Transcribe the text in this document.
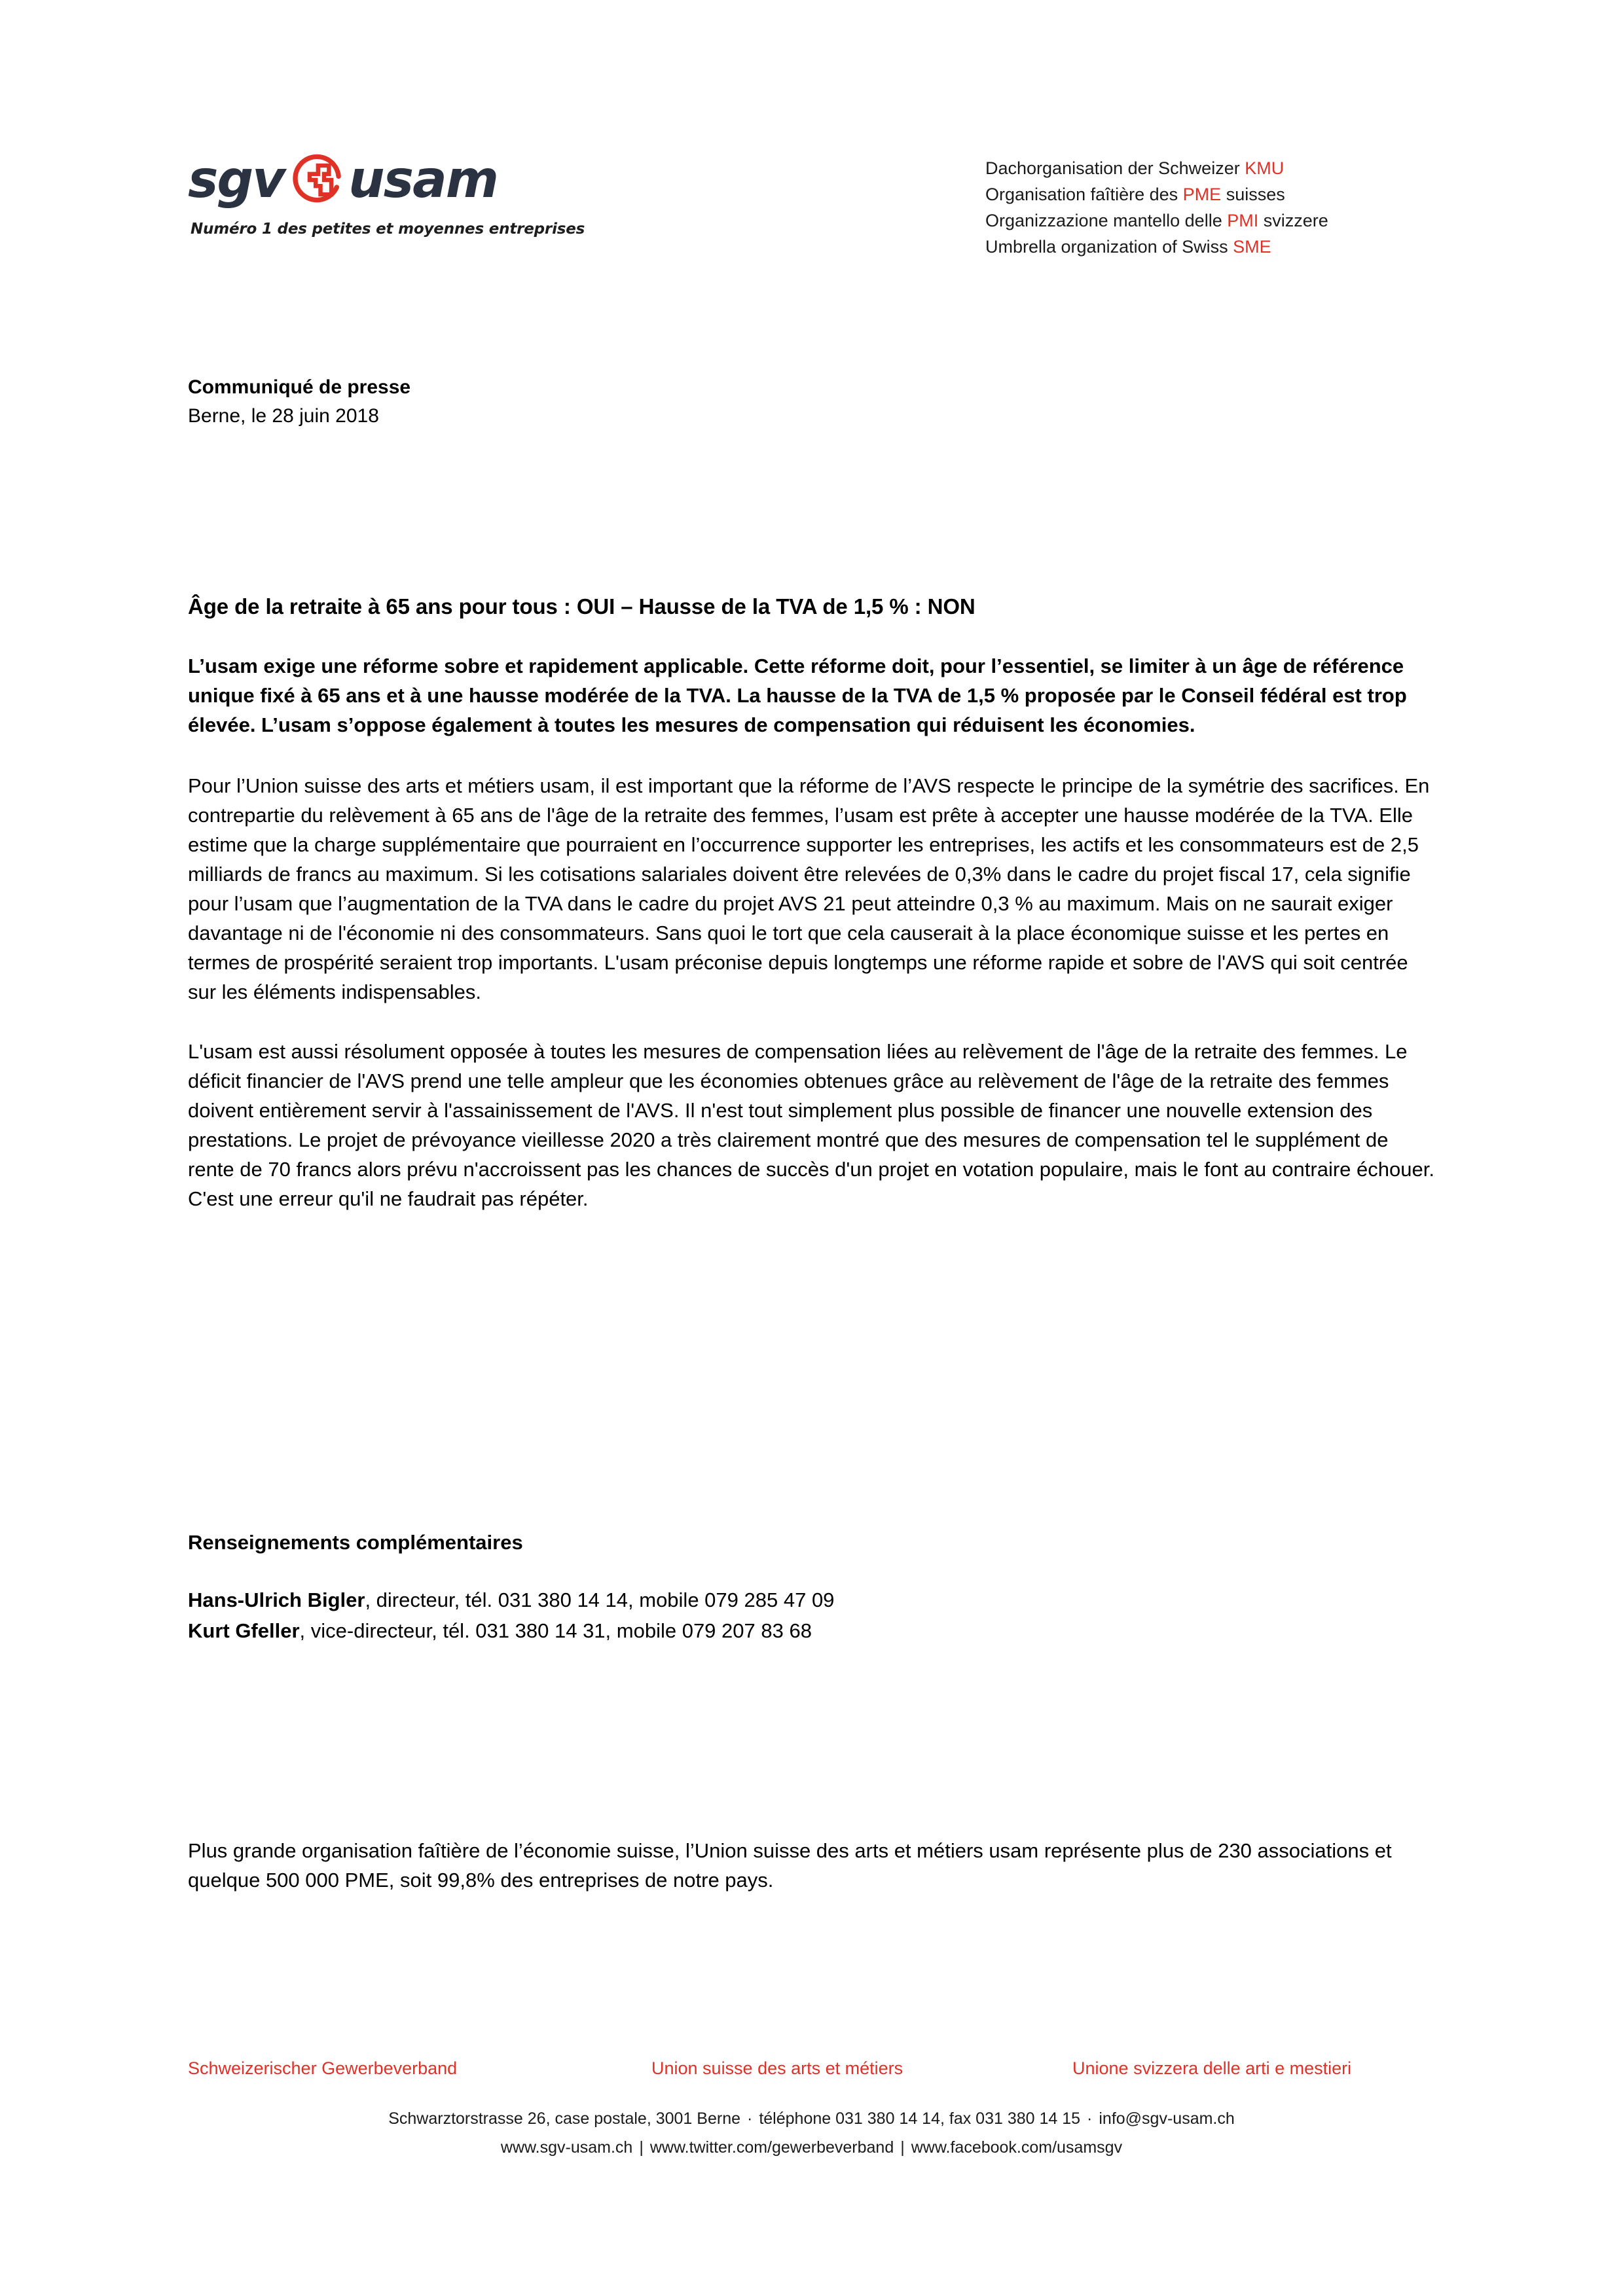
sgv usam
Numéro 1 des petites et moyennes entreprises
Dachorganisation der Schweizer KMU
Organisation faîtière des PME suisses
Organizzazione mantello delle PMI svizzere
Umbrella organization of Swiss SME
Communiqué de presse
Berne, le 28 juin 2018
Âge de la retraite à 65 ans pour tous : OUI – Hausse de la TVA de 1,5 % : NON

L’usam exige une réforme sobre et rapidement applicable. Cette réforme doit, pour l’essentiel, se limiter à un âge de référence unique fixé à 65 ans et à une hausse modérée de la TVA. La hausse de la TVA de 1,5 % proposée par le Conseil fédéral est trop élevée. L’usam s’oppose également à toutes les mesures de compensation qui réduisent les économies.

Pour l’Union suisse des arts et métiers usam, il est important que la réforme de l’AVS respecte le principe de la symétrie des sacrifices. En contrepartie du relèvement à 65 ans de l'âge de la retraite des femmes, l’usam est prête à accepter une hausse modérée de la TVA. Elle estime que la charge supplémentaire que pourraient en l’occurrence supporter les entreprises, les actifs et les consommateurs est de 2,5 milliards de francs au maximum. Si les cotisations salariales doivent être relevées de 0,3% dans le cadre du projet fiscal 17, cela signifie pour l’usam que l’augmentation de la TVA dans le cadre du projet AVS 21 peut atteindre 0,3 % au maximum. Mais on ne saurait exiger davantage ni de l'économie ni des consommateurs. Sans quoi le tort que cela causerait à la place économique suisse et les pertes en termes de prospérité seraient trop importants. L'usam préconise depuis longtemps une réforme rapide et sobre de l'AVS qui soit centrée sur les éléments indispensables.

L'usam est aussi résolument opposée à toutes les mesures de compensation liées au relèvement de l'âge de la retraite des femmes. Le déficit financier de l'AVS prend une telle ampleur que les économies obtenues grâce au relèvement de l'âge de la retraite des femmes doivent entièrement servir à l'assainissement de l'AVS. Il n'est tout simplement plus possible de financer une nouvelle extension des prestations. Le projet de prévoyance vieillesse 2020 a très clairement montré que des mesures de compensation tel le supplément de rente de 70 francs alors prévu n'accroissent pas les chances de succès d'un projet en votation populaire, mais le font au contraire échouer. C'est une erreur qu'il ne faudrait pas répéter.

Renseignements complémentaires
Hans-Ulrich Bigler, directeur, tél. 031 380 14 14, mobile 079 285 47 09
Kurt Gfeller, vice-directeur, tél. 031 380 14 31, mobile 079 207 83 68
Plus grande organisation faîtière de l’économie suisse, l’Union suisse des arts et métiers usam représente plus de 230 associations et quelque 500 000 PME, soit 99,8% des entreprises de notre pays.
Schweizerischer Gewerbeverband	Union suisse des arts et métiers	Unione svizzera delle arti e mestieri
Schwarztorstrasse 26, case postale, 3001 Berne · téléphone 031 380 14 14, fax 031 380 14 15 · info@sgv-usam.ch
www.sgv-usam.ch | www.twitter.com/gewerbeverband | www.facebook.com/usamsgv
